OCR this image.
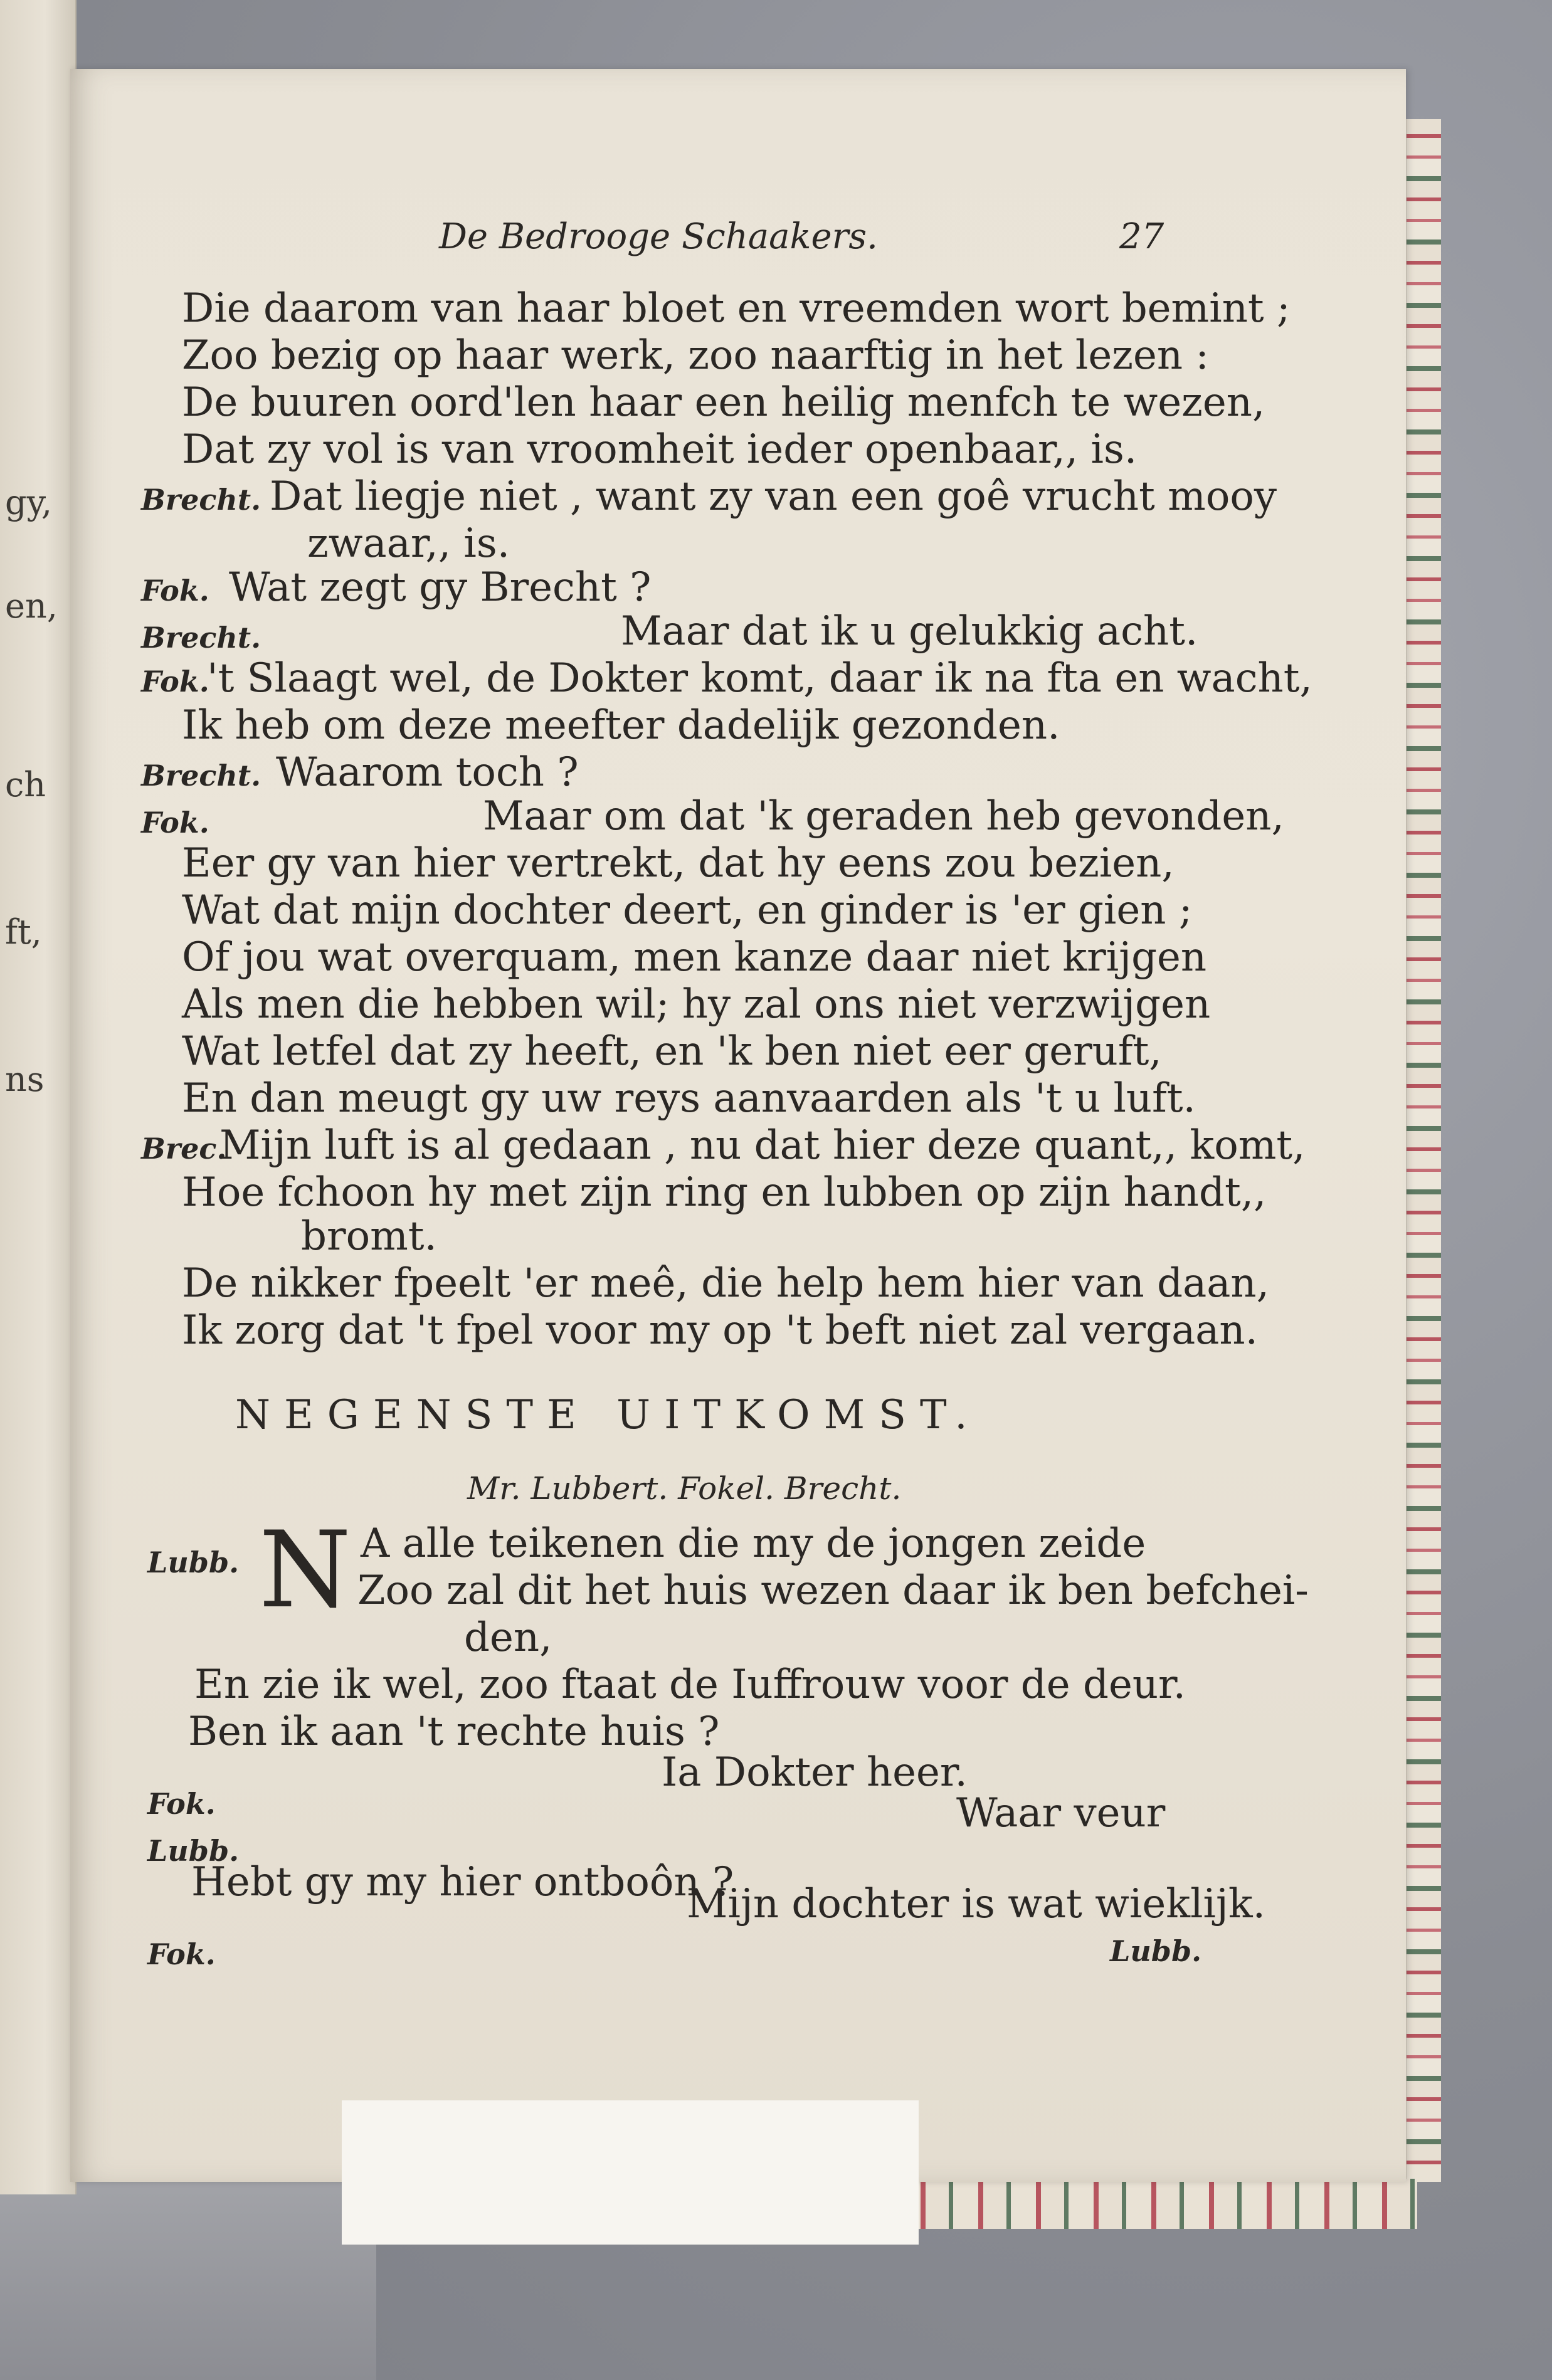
gy,
en,
ch
ft,
ns
De Bedrooge Schaakers.	27
Die daarom van haar bloet en vreemden wort bemint ;
Zoo bezig op haar werk, zoo naarftig in het lezen :
De buuren oord'len haar een heilig menfch te wezen,
Dat zy vol is van vroomheit ieder openbaar,, is.
Brecht. Dat liegje niet , want zy van een goê vrucht mooy
zwaar,, is.
Fok. Wat zegt gy Brecht ?
Brecht.	Maar dat ik u gelukkig acht.
Fok.
't Slaagt wel, de Dokter komt, daar ik na fta en wacht,
Ik heb om deze meefter dadelijk gezonden.
Brecht. Waarom toch ?
Fok.	Maar om dat 'k geraden heb gevonden,
Eer gy van hier vertrekt, dat hy eens zou bezien,
Wat dat mijn dochter deert, en ginder is 'er gien ;
Of jou wat overquam, men kanze daar niet krijgen
Als men die hebben wil; hy zal ons niet verzwijgen
Wat letfel dat zy heeft, en 'k ben niet eer geruft,
En dan meugt gy uw reys aanvaarden als 't u luft.
Brec.
Mijn luft is al gedaan , nu dat hier deze quant,, komt,
Hoe fchoon hy met zijn ring en lubben op zijn handt,,
bromt.
De nikker fpeelt 'er meê, die help hem hier van daan,
Ik zorg dat 't fpel voor my op 't beft niet zal vergaan.
NEGENSTE UITKOMST.
Mr. Lubbert. Fokel. Brecht.
Lubb. N A alle teikenen die my de jongen zeide
Zoo zal dit het huis wezen daar ik ben befchei-
den,
En zie ik wel, zoo ftaat de Iuffrouw voor de deur.
Ben ik aan 't rechte huis ?
Ia Dokter heer.
Fok.	Waar veur
Lubb.
Hebt gy my hier ontboôn ?
Mijn dochter is wat wieklijk.
Fok.	Lubb.
